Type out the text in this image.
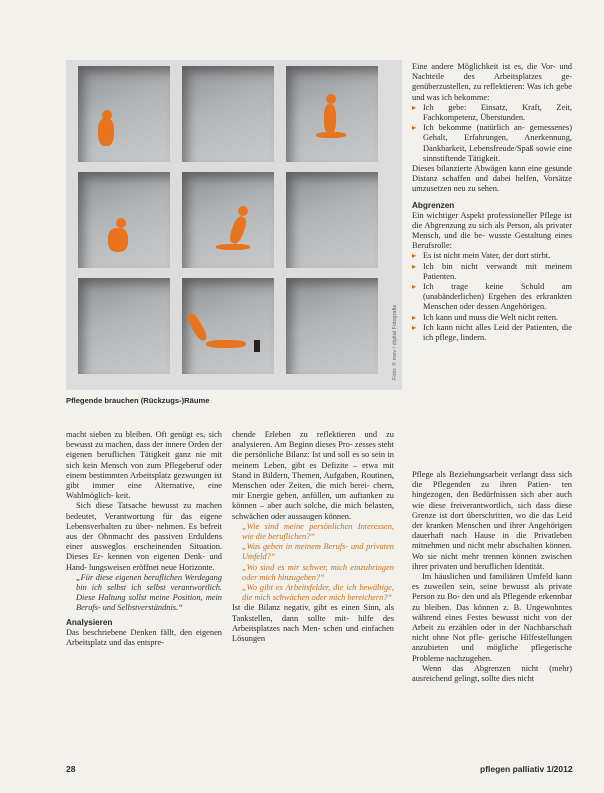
Foto: © mev / digital Fotografie
Pflegende brauchen (Rückzugs-)Räume

Eine andere Möglichkeit ist es, die Vor- und Nachteile des Arbeitsplatzes ge- genüberzustellen, zu reflektieren: Was ich gebe und was ich bekomme:

▸ Ich gebe: Einsatz, Kraft, Zeit, Fachkompetenz, Überstunden.
▸ Ich bekomme (natürlich an- gemessenes) Gehalt, Erfahrungen, Anerkennung, Dankbarkeit, Lebensfreude/Spaß sowie eine sinnstiftende Tätigkeit.

Dieses bilanzierte Abwägen kann eine gesunde Distanz schaffen und dabei helfen, Vorsätze umzusetzen neu zu sehen.

Abgrenzen

Ein wichtiger Aspekt professioneller Pflege ist die Abgrenzung zu sich als Person, als privater Mensch, und die be- wusste Gestaltung eines Berufsrolle:

▸ Es ist nicht mein Vater, der dort stirbt.
▸ Ich bin nicht verwandt mit meinem Patienten.
▸ Ich trage keine Schuld am (unabänderlichen) Ergehen des erkrankten Menschen oder dessen Angehörigen.
▸ Ich kann und muss die Welt nicht retten.
▸ Ich kann nicht alles Leid der Patienten, die ich pflege, lindern.

macht sieben zu bleiben. Oft genügt es, sich bewusst zu machen, dass der innere Orden der eigenen beruflichen Tätigkeit ganz nie mit sich kein Mensch von zum Pflegeberuf oder einem bestimmten Arbeitsplatz gezwungen ist gibt immer eine Alternative, eine Wahlmöglich- keit.

Sich diese Tatsache bewusst zu machen bedeutet, Verantwortung für das eigene Lebensverhalten zu über- nehmen. Es befreit aus der Ohnmacht des passiven Erduldens einer ausweglos erscheinenden Situation. Dieses Er- kennen von eigenen Denk- und Hand- lungsweisen eröffnet neue Horizonte.

„Für diese eigenen beruflichen Werdegang bin ich selbst ich selbst verantwortlich. Diese Haltung sollst meine Position, mein Berufs- und Selbstverständnis.“

Analysieren

Das beschriebene Denken fällt, den eigenen Arbeitsplatz und das entspre-

chende Erleben zu reflektieren und zu analysieren. Am Beginn dieses Pro- zesses steht die persönliche Bilanz: Ist und soll es so sein in meinem Leben, gibt es Defizite – etwa mit Stand in Bildern, Themen, Aufgaben, Routinen, Menschen oder Zeiten, die mich berei- chern, mir Energie geben, anfüllen, um auftanken zu können – aber auch solche, die mich belasten, schwächen oder aussaugen können.

„Wie sind meine persönlichen Interessen, wie die beruflichen?“

„Was geben in meinem Berufs- und privaten Umfeld?“

„Wo sind es mir schwer, mich einzubringen oder mich hinzugeben?“

„Wo gibt es Arbeitsfelder, die ich bewältige, die mich schwächen oder mich bereichern?“

Ist die Bilanz negativ, gibt es einen Sinn, als Tankstellen, dann sollte mit- hilfe des Arbeitsplatzes nach Men- schen und einfachen Lösungen

Pflege als Beziehungsarbeit verlangt dass sich die Pflegenden zu ihren Patien- ten hingezogen, den Bedürfnissen sich aber auch wie diese freiverantwortlich, sich dass diese Grenze ist dort überschritten, wo die das Leid der kranken Menschen und ihrer Angehörigen dauerhaft nach Hause in die Privatleben mitnehmen und nicht mehr abschalten können. Wo sie nicht mehr trennen können zwischen ihrer privaten und beruflichen Identität.

Im häuslichen und familiären Umfeld kann es zuweilen sein, seine bewusst als private Person zu Bo- den und als Pflegende erkennbar zu bleiben. Das können z. B. Ungewohntes während eines Festes bewusst nicht von der Arbeit zu erzählen oder in der Nachbarschaft nicht ohne Not pfle- gerische Hilfestellungen anzubieten und mögliche pflegerische Probleme nachzugehen.

Wenn das Abgrenzen nicht (mehr) ausreichend gelingt, sollte dies nicht

28	pflegen palliativ 1/2012
